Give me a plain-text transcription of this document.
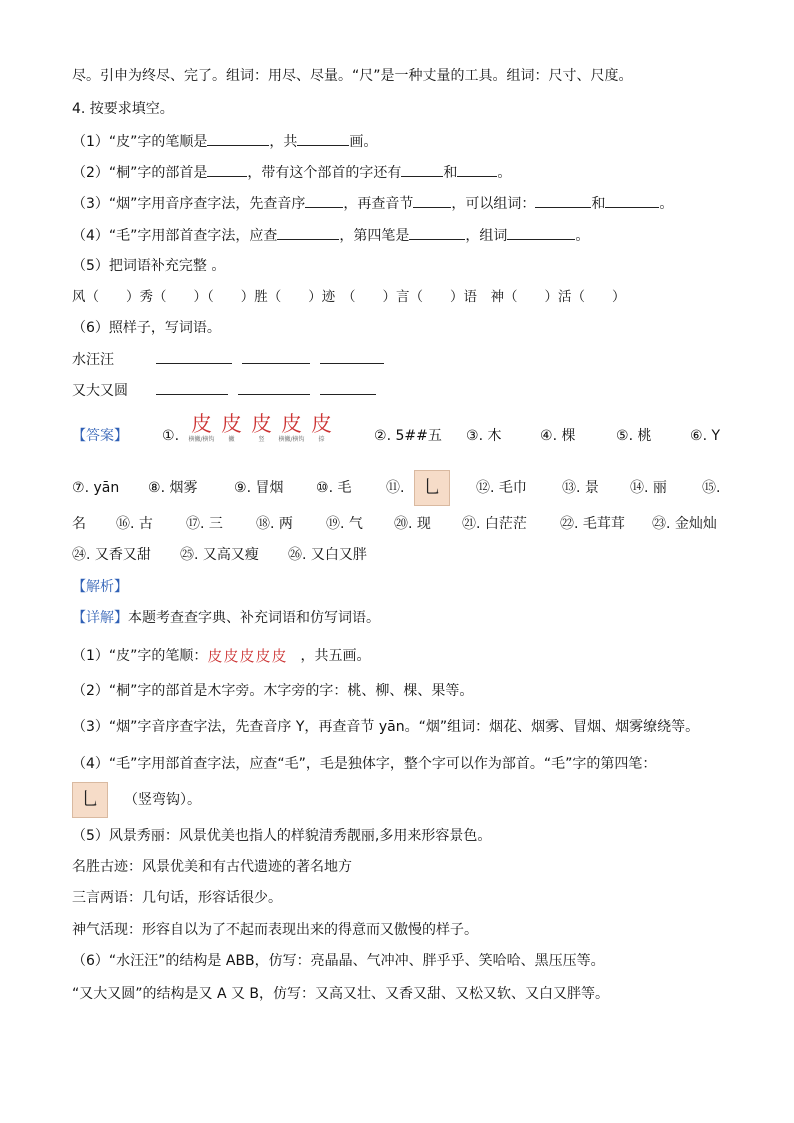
尽。引申为终尽、完了。组词：用尽、尽量。“尺”是一种丈量的工具。组词：尺寸、尺度。
4. 按要求填空。
（1）“皮”字的笔顺是	，共	画。
（2）“桐”字的部首是	，带有这个部首的字还有	和	。
（3）“烟”字用音序查字法，先查音序	，再查音节	，可以组词：	和	。
（4）“毛”字用部首查字法，应查	，第四笔是	，组词	。
（5）把词语补充完整 。
风（　　）秀（　　）（　　）胜（　　）迹　（　　）言（　　）语　神（　　）活（　　）
（6）照样子，写词语。
水汪汪
又大又圆
【答案】 ①. 皮
横撇/横钩
皮
撇
皮
竖
皮
横撇/横钩
皮
捺	②. 5##五 ③. 木	④. 棵	⑤. 桃	⑥. Y
⑦. yān ⑧. 烟雾	⑨. 冒烟 ⑩. 毛 ⑪.	乚	⑫. 毛巾	⑬. 景 ⑭. 丽	⑮.
名 ⑯. 古 ⑰. 三 ⑱. 两 ⑲. 气 ⑳. 现 ㉑. 白茫茫 ㉒. 毛茸茸 ㉓. 金灿灿
㉔. 又香又甜 ㉕. 又高又瘦 ㉖. 又白又胖
【解析】
【详解】本题考查查字典、补充词语和仿写词语。
（1）“皮”字的笔顺： 皮 皮 皮 皮 皮 ，共五画。
（2）“桐”字的部首是木字旁。木字旁的字：桃、柳、棵、果等。
（3）“烟”字音序查字法，先查音序 Y，再查音节 yān。“烟”组词：烟花、烟雾、冒烟、烟雾缭绕等。
（4）“毛”字用部首查字法，应查“毛”，毛是独体字，整个字可以作为部首。“毛”字的第四笔：
乚	（竖弯钩）。
（5）风景秀丽：风景优美也指人的样貌清秀靓丽,多用来形容景色。
名胜古迹：风景优美和有古代遗迹的著名地方
三言两语：几句话，形容话很少。
神气活现：形容自以为了不起而表现出来的得意而又傲慢的样子。
（6）“水汪汪”的结构是 ABB，仿写：亮晶晶、气冲冲、胖乎乎、笑哈哈、黑压压等。
“又大又圆”的结构是又 A 又 B，仿写：又高又壮、又香又甜、又松又软、又白又胖等。
